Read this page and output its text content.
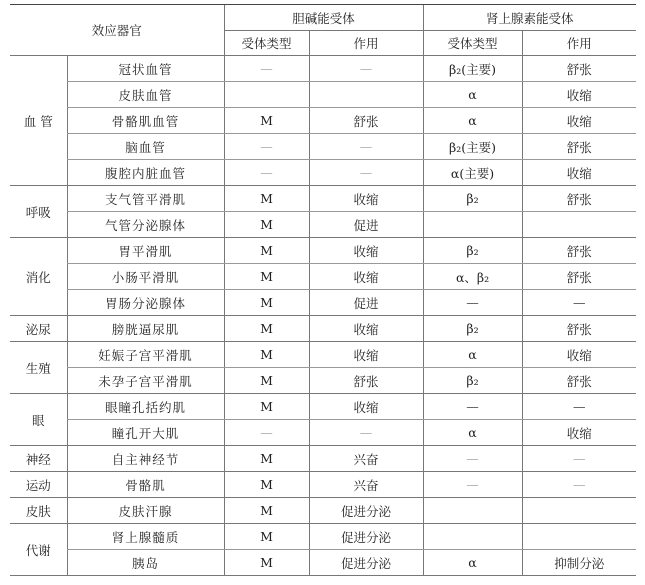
效应器官		胆碱能受体		肾上腺素能受体	
		受体类型	作用	受体类型	作用
血 管	冠状血管	—	—	β₂(主要)	舒张
	皮肤血管			α	收缩
	骨骼肌血管	M	舒张	α	收缩
	脑血管	—	—	β₂(主要)	舒张
	腹腔内脏血管	—	—	α(主要)	收缩
呼吸	支气管平滑肌	M	收缩	β₂	舒张
	气管分泌腺体	M	促进		
消化	胃平滑肌	M	收缩	β₂	舒张
	小肠平滑肌	M	收缩	α、β₂	舒张
	胃肠分泌腺体	M	促进	—	—
泌尿	膀胱逼尿肌	M	收缩	β₂	舒张
生殖	妊娠子宫平滑肌	M	收缩	α	收缩
	未孕子宫平滑肌	M	舒张	β₂	舒张
眼	眼瞳孔括约肌	M	收缩	—	—
	瞳孔开大肌	—	—	α	收缩
神经	自主神经节	M	兴奋	—	—
运动	骨骼肌	M	兴奋	—	—
皮肤	皮肤汗腺	M	促进分泌		
代谢	肾上腺髓质	M	促进分泌		
	胰岛	M	促进分泌	α	抑制分泌
